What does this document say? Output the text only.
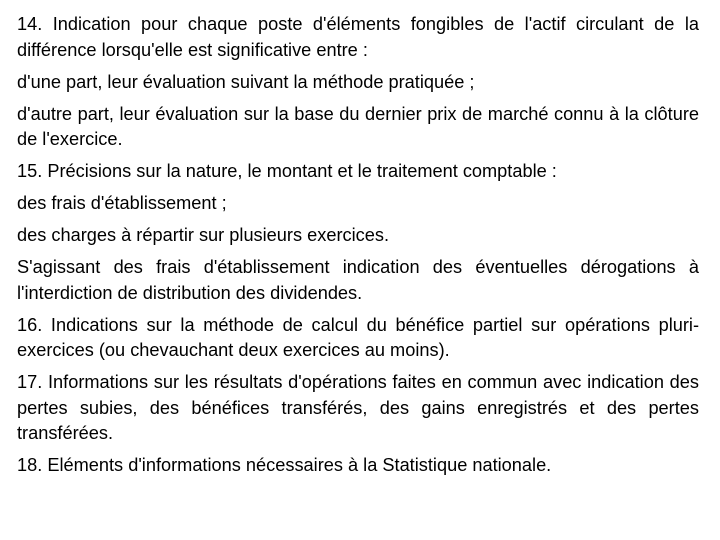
14. Indication pour chaque poste d'éléments fongibles de l'actif circulant de la différence lorsqu'elle est significative entre :

d'une part, leur évaluation suivant la méthode pratiquée ;

d'autre part, leur évaluation sur la base du dernier prix de marché connu à la clôture de l'exercice.

15. Précisions sur la nature, le montant et le traitement comptable :

des frais d'établissement ;

des charges à répartir sur plusieurs exercices.

S'agissant des frais d'établissement indication des éventuelles dérogations à l'interdiction de distribution des dividendes.

16. Indications sur la méthode de calcul du bénéfice partiel sur opérations pluri-exercices (ou chevauchant deux exercices au moins).

17. Informations sur les résultats d'opérations faites en commun avec indication des pertes subies, des bénéfices transférés, des gains enregistrés et des pertes transférées.

18. Eléments d'informations nécessaires à la Statistique nationale.
